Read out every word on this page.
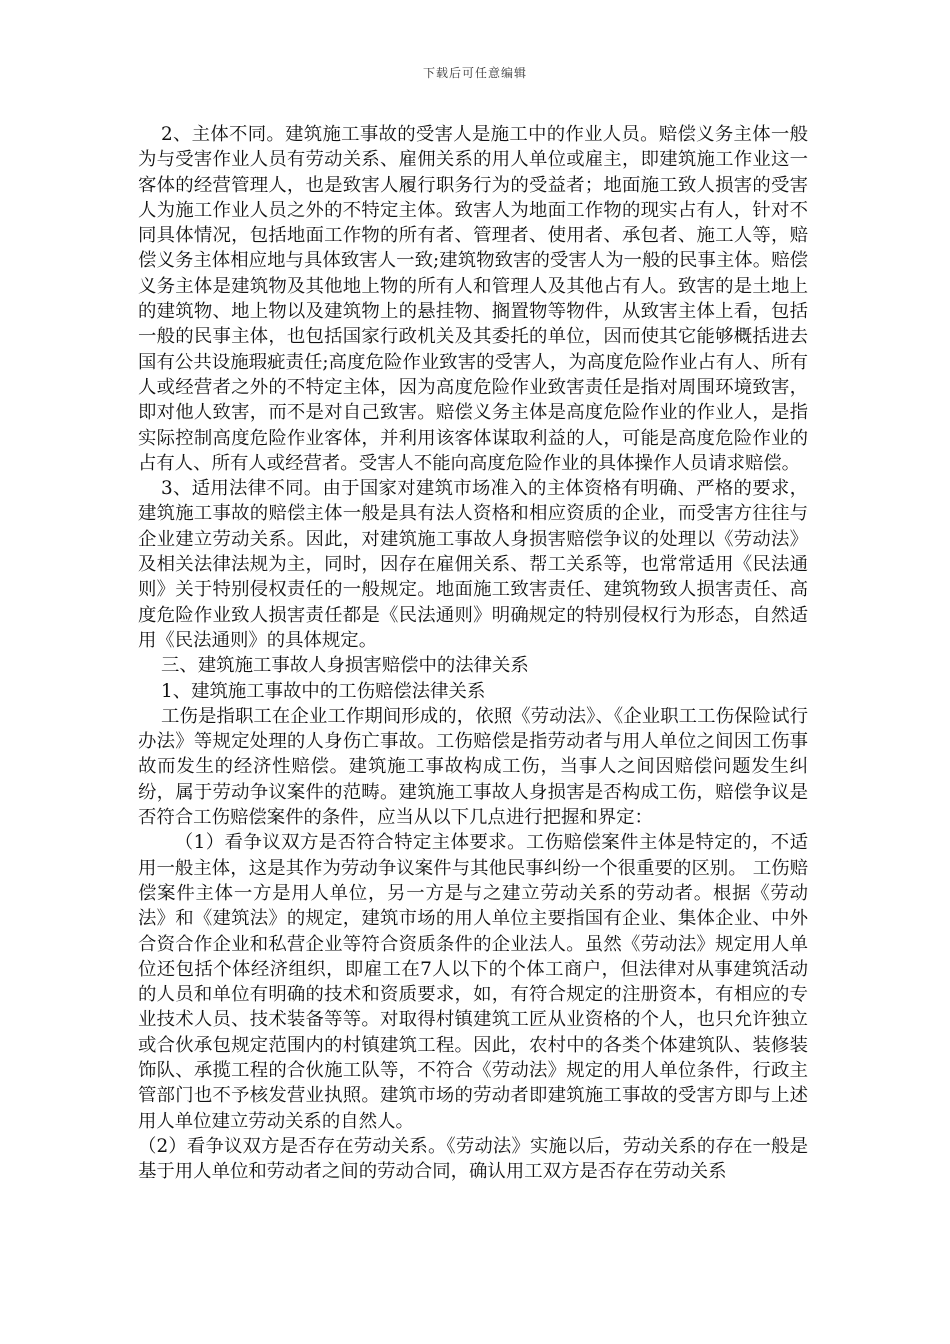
下载后可任意编辑

2、主体不同。建筑施工事故的受害人是施工中的作业人员。赔偿义务主体一般为与受害作业人员有劳动关系、雇佣关系的用人单位或雇主，即建筑施工作业这一客体的经营管理人，也是致害人履行职务行为的受益者；地面施工致人损害的受害人为施工作业人员之外的不特定主体。致害人为地面工作物的现实占有人，针对不同具体情况，包括地面工作物的所有者、管理者、使用者、承包者、施工人等，赔偿义务主体相应地与具体致害人一致;建筑物致害的受害人为一般的民事主体。赔偿义务主体是建筑物及其他地上物的所有人和管理人及其他占有人。致害的是土地上的建筑物、地上物以及建筑物上的悬挂物、搁置物等物件，从致害主体上看，包括一般的民事主体，也包括国家行政机关及其委托的单位，因而使其它能够概括进去国有公共设施瑕疵责任;高度危险作业致害的受害人，为高度危险作业占有人、所有人或经营者之外的不特定主体，因为高度危险作业致害责任是指对周围环境致害，即对他人致害，而不是对自己致害。赔偿义务主体是高度危险作业的作业人，是指实际控制高度危险作业客体，并利用该客体谋取利益的人，可能是高度危险作业的占有人、所有人或经营者。受害人不能向高度危险作业的具体操作人员请求赔偿。

3、适用法律不同。由于国家对建筑市场准入的主体资格有明确、严格的要求，建筑施工事故的赔偿主体一般是具有法人资格和相应资质的企业，而受害方往往与企业建立劳动关系。因此，对建筑施工事故人身损害赔偿争议的处理以《劳动法》及相关法律法规为主，同时，因存在雇佣关系、帮工关系等，也常常适用《民法通则》关于特别侵权责任的一般规定。地面施工致害责任、建筑物致人损害责任、高度危险作业致人损害责任都是《民法通则》明确规定的特别侵权行为形态，自然适用《民法通则》的具体规定。

三、建筑施工事故人身损害赔偿中的法律关系

1、建筑施工事故中的工伤赔偿法律关系

工伤是指职工在企业工作期间形成的，依照《劳动法》、《企业职工工伤保险试行办法》等规定处理的人身伤亡事故。工伤赔偿是指劳动者与用人单位之间因工伤事故而发生的经济性赔偿。建筑施工事故构成工伤，当事人之间因赔偿问题发生纠纷，属于劳动争议案件的范畴。建筑施工事故人身损害是否构成工伤，赔偿争议是否符合工伤赔偿案件的条件，应当从以下几点进行把握和界定：

（1）看争议双方是否符合特定主体要求。工伤赔偿案件主体是特定的，不适用一般主体，这是其作为劳动争议案件与其他民事纠纷一个很重要的区别。 工伤赔偿案件主体一方是用人单位，另一方是与之建立劳动关系的劳动者。根据《劳动法》和《建筑法》的规定，建筑市场的用人单位主要指国有企业、集体企业、中外合资合作企业和私营企业等符合资质条件的企业法人。虽然《劳动法》规定用人单位还包括个体经济组织，即雇工在7人以下的个体工商户，但法律对从事建筑活动的人员和单位有明确的技术和资质要求，如，有符合规定的注册资本，有相应的专业技术人员、技术装备等等。对取得村镇建筑工匠从业资格的个人，也只允许独立或合伙承包规定范围内的村镇建筑工程。因此，农村中的各类个体建筑队、装修装饰队、承揽工程的合伙施工队等，不符合《劳动法》规定的用人单位条件，行政主管部门也不予核发营业执照。建筑市场的劳动者即建筑施工事故的受害方即与上述用人单位建立劳动关系的自然人。

（2）看争议双方是否存在劳动关系。《劳动法》实施以后，劳动关系的存在一般是基于用人单位和劳动者之间的劳动合同，确认用工双方是否存在劳动关系
